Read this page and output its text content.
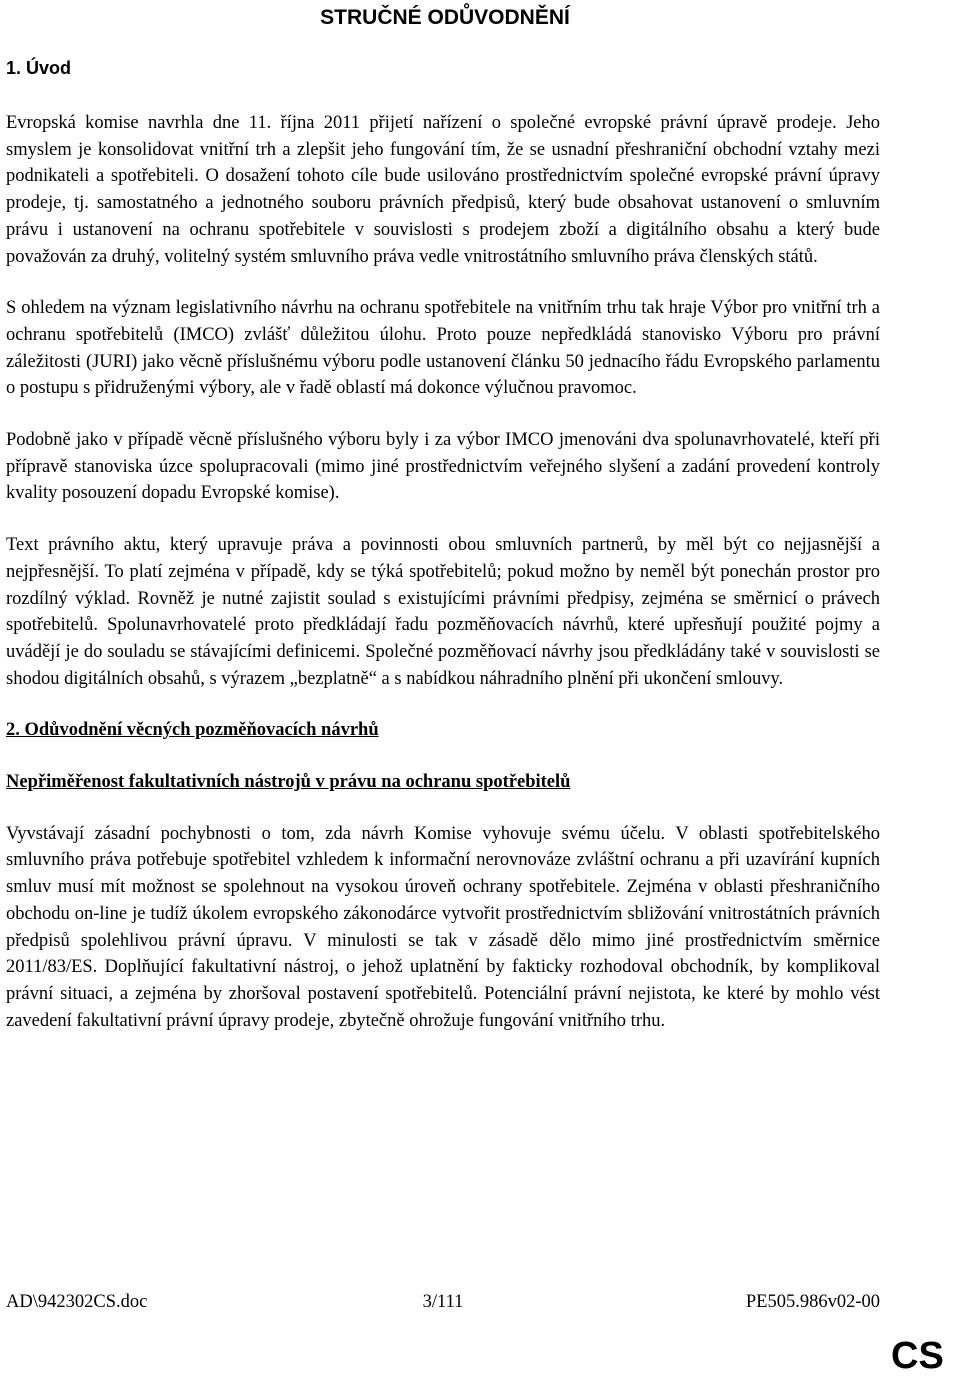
STRUČNÉ ODŮVODNĚNÍ
1. Úvod

Evropská komise navrhla dne 11. října 2011 přijetí nařízení o společné evropské právní úpravě prodeje. Jeho smyslem je konsolidovat vnitřní trh a zlepšit jeho fungování tím, že se usnadní přeshraniční obchodní vztahy mezi podnikateli a spotřebiteli. O dosažení tohoto cíle bude usilováno prostřednictvím společné evropské právní úpravy prodeje, tj. samostatného a jednotného souboru právních předpisů, který bude obsahovat ustanovení o smluvním právu i ustanovení na ochranu spotřebitele v souvislosti s prodejem zboží a digitálního obsahu a který bude považován za druhý, volitelný systém smluvního práva vedle vnitrostátního smluvního práva členských států.

S ohledem na význam legislativního návrhu na ochranu spotřebitele na vnitřním trhu tak hraje Výbor pro vnitřní trh a ochranu spotřebitelů (IMCO) zvlášť důležitou úlohu. Proto pouze nepředkládá stanovisko Výboru pro právní záležitosti (JURI) jako věcně příslušnému výboru podle ustanovení článku 50 jednacího řádu Evropského parlamentu o postupu s přidruženými výbory, ale v řadě oblastí má dokonce výlučnou pravomoc.

Podobně jako v případě věcně příslušného výboru byly i za výbor IMCO jmenováni dva spolunavrhovatelé, kteří při přípravě stanoviska úzce spolupracovali (mimo jiné prostřednictvím veřejného slyšení a zadání provedení kontroly kvality posouzení dopadu Evropské komise).

Text právního aktu, který upravuje práva a povinnosti obou smluvních partnerů, by měl být co nejjasnější a nejpřesnější. To platí zejména v případě, kdy se týká spotřebitelů; pokud možno by neměl být ponechán prostor pro rozdílný výklad. Rovněž je nutné zajistit soulad s existujícími právními předpisy, zejména se směrnicí o právech spotřebitelů. Spolunavrhovatelé proto předkládají řadu pozměňovacích návrhů, které upřesňují použité pojmy a uvádějí je do souladu se stávajícími definicemi. Společné pozměňovací návrhy jsou předkládány také v souvislosti se shodou digitálních obsahů, s výrazem „bezplatně“ a s nabídkou náhradního plnění při ukončení smlouvy.

2. Odůvodnění věcných pozměňovacích návrhů
Nepřiměřenost fakultativních nástrojů v právu na ochranu spotřebitelů

Vyvstávají zásadní pochybnosti o tom, zda návrh Komise vyhovuje svému účelu. V oblasti spotřebitelského smluvního práva potřebuje spotřebitel vzhledem k informační nerovnováze zvláštní ochranu a při uzavírání kupních smluv musí mít možnost se spolehnout na vysokou úroveň ochrany spotřebitele. Zejména v oblasti přeshraničního obchodu on-line je tudíž úkolem evropského zákonodárce vytvořit prostřednictvím sbližování vnitrostátních právních předpisů spolehlivou právní úpravu. V minulosti se tak v zásadě dělo mimo jiné prostřednictvím směrnice 2011/83/ES. Doplňující fakultativní nástroj, o jehož uplatnění by fakticky rozhodoval obchodník, by komplikoval právní situaci, a zejména by zhoršoval postavení spotřebitelů. Potenciální právní nejistota, ke které by mohlo vést zavedení fakultativní právní úpravy prodeje, zbytečně ohrožuje fungování vnitřního trhu.

AD\942302CS.doc	3/111	PE505.986v02-00
CS
